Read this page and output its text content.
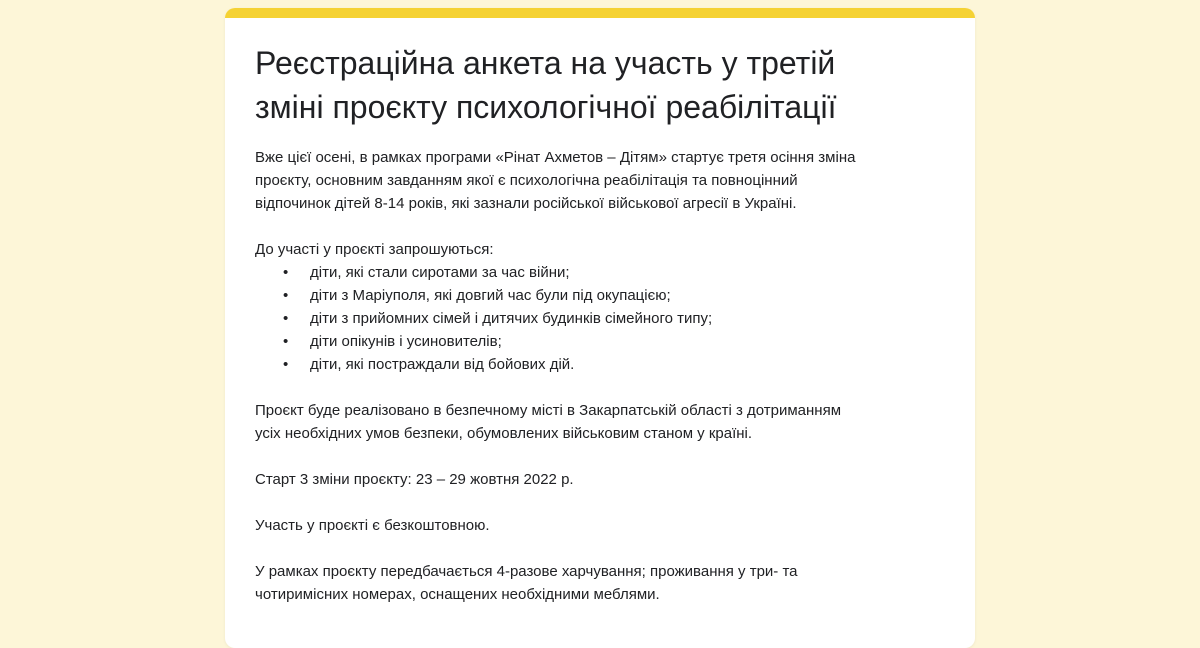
Реєстраційна анкета на участь у третій
зміні проєкту психологічної реабілітації

Вже цієї осені, в рамках програми «Рінат Ахметов – Дітям» стартує третя осіння зміна
проєкту, основним завданням якої є психологічна реабілітація та повноцінний
відпочинок дітей 8-14 років, які зазнали російської військової агресії в Україні.

До участі у проєкті запрошуються:

• діти, які стали сиротами за час війни;
• діти з Маріуполя, які довгий час були під окупацією;
• діти з прийомних сімей і дитячих будинків сімейного типу;
• діти опікунів і усиновителів;
• діти, які постраждали від бойових дій.

Проєкт буде реалізовано в безпечному місті в Закарпатській області з дотриманням
усіх необхідних умов безпеки, обумовлених військовим станом у країні.

Старт 3 зміни проєкту: 23 – 29 жовтня 2022 р.

Участь у проєкті є безкоштовною.

У рамках проєкту передбачається 4-разове харчування; проживання у три- та
чотиримісних номерах, оснащених необхідними меблями.
